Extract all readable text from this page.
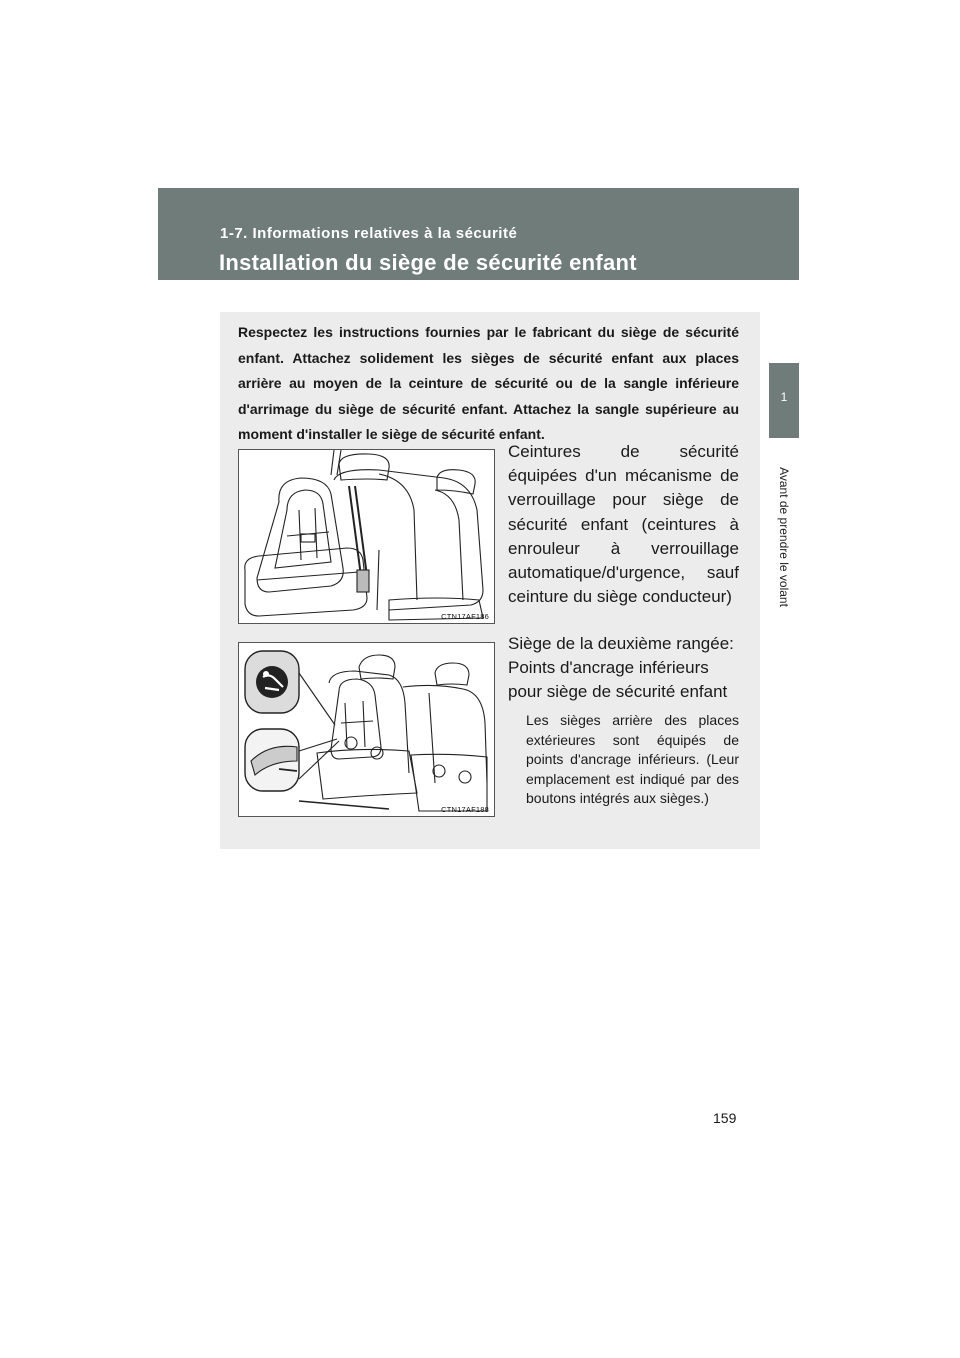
1-7. Informations relatives à la sécurité
Installation du siège de sécurité enfant
1
Avant de prendre le volant
Respectez les instructions fournies par le fabricant du siège de sécurité enfant. Attachez solidement les sièges de sécurité enfant aux places arrière au moyen de la ceinture de sécurité ou de la sangle inférieure d'arrimage du siège de sécurité enfant. Attachez la sangle supérieure au moment d'installer le siège de sécurité enfant.
CTN17AF186
Ceintures de sécurité équipées d'un mécanisme de verrouillage pour siège de sécurité enfant (ceintures à enrouleur à verrouillage automatique/d'urgence, sauf ceinture du siège conducteur)
CTN17AF188
Siège de la deuxième rangée: Points d'ancrage inférieurs pour siège de sécurité enfant
Les sièges arrière des places extérieures sont équipés de points d'ancrage inférieurs. (Leur emplacement est indiqué par des boutons intégrés aux sièges.)
159
